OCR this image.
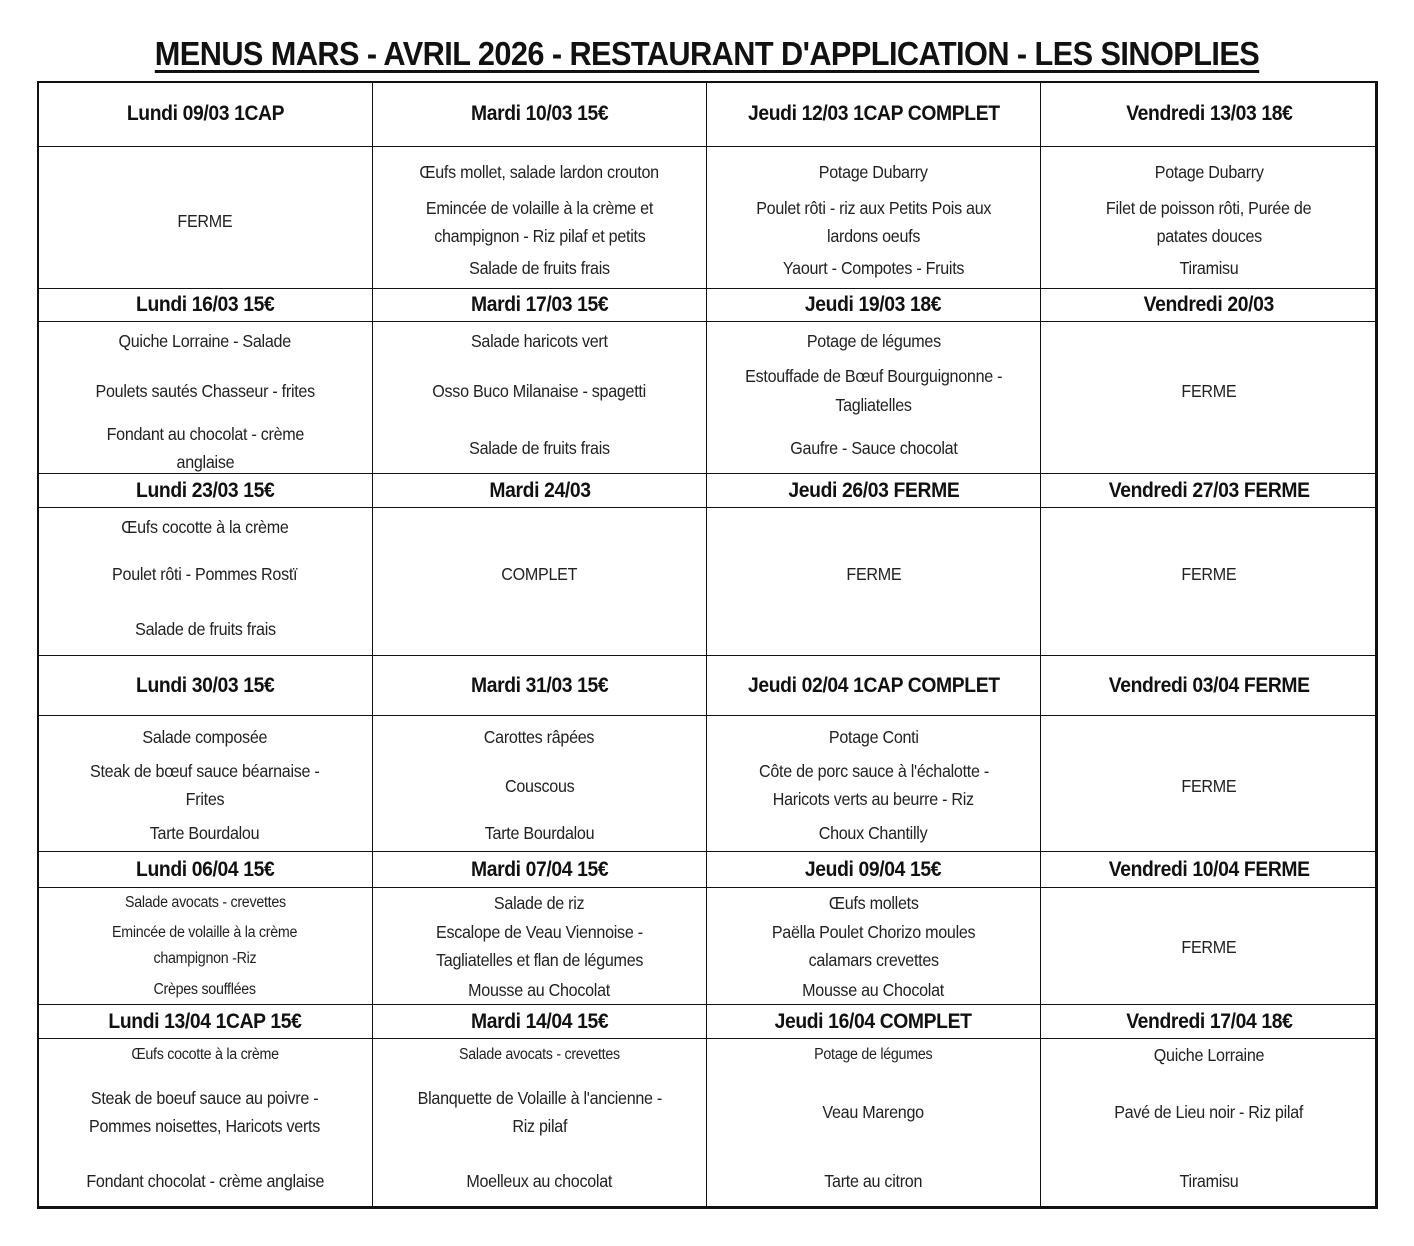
MENUS MARS - AVRIL 2026 - RESTAURANT D'APPLICATION - LES SINOPLIES
Lundi 09/03 1CAP
FERME
Mardi 10/03 15€
Œufs mollet, salade lardon crouton
Emincée de volaille à la crème et
champignon - Riz pilaf et petits
Salade de fruits frais
Jeudi 12/03 1CAP COMPLET
Potage Dubarry
Poulet rôti - riz aux Petits Pois aux
lardons oeufs
Yaourt - Compotes - Fruits
Vendredi 13/03 18€
Potage Dubarry
Filet de poisson rôti, Purée de
patates douces
Tiramisu
Lundi 16/03 15€
Quiche Lorraine - Salade
Poulets sautés Chasseur - frites
Fondant au chocolat - crème
anglaise
Mardi 17/03 15€
Salade haricots vert
Osso Buco Milanaise - spagetti
Salade de fruits frais
Jeudi 19/03 18€
Potage de légumes
Estouffade de Bœuf Bourguignonne -
Tagliatelles
Gaufre - Sauce chocolat
Vendredi 20/03
FERME
Lundi 23/03 15€
Œufs cocotte à la crème
Poulet rôti - Pommes Rostï
Salade de fruits frais
Mardi 24/03
COMPLET
Jeudi 26/03 FERME
FERME
Vendredi 27/03 FERME
FERME
Lundi 30/03 15€
Salade composée
Steak de bœuf sauce béarnaise -
Frites
Tarte Bourdalou
Mardi 31/03 15€
Carottes râpées
Couscous
Tarte Bourdalou
Jeudi 02/04 1CAP COMPLET
Potage Conti
Côte de porc sauce à l'échalotte -
Haricots verts au beurre - Riz
Choux Chantilly
Vendredi 03/04 FERME
FERME
Lundi 06/04 15€
Salade avocats - crevettes
Emincée de volaille à la crème
champignon -Riz
Crèpes soufflées
Mardi 07/04 15€
Salade de riz
Escalope de Veau Viennoise -
Tagliatelles et flan de légumes
Mousse au Chocolat
Jeudi 09/04 15€
Œufs mollets
Paëlla Poulet Chorizo moules
calamars crevettes
Mousse au Chocolat
Vendredi 10/04 FERME
FERME
Lundi 13/04 1CAP 15€
Œufs cocotte à la crème
Steak de boeuf sauce au poivre -
Pommes noisettes, Haricots verts
Fondant chocolat - crème anglaise
Mardi 14/04 15€
Salade avocats - crevettes
Blanquette de Volaille à l'ancienne -
Riz pilaf
Moelleux au chocolat
Jeudi 16/04 COMPLET
Potage de légumes
Veau Marengo
Tarte au citron
Vendredi 17/04 18€
Quiche Lorraine
Pavé de Lieu noir - Riz pilaf
Tiramisu
